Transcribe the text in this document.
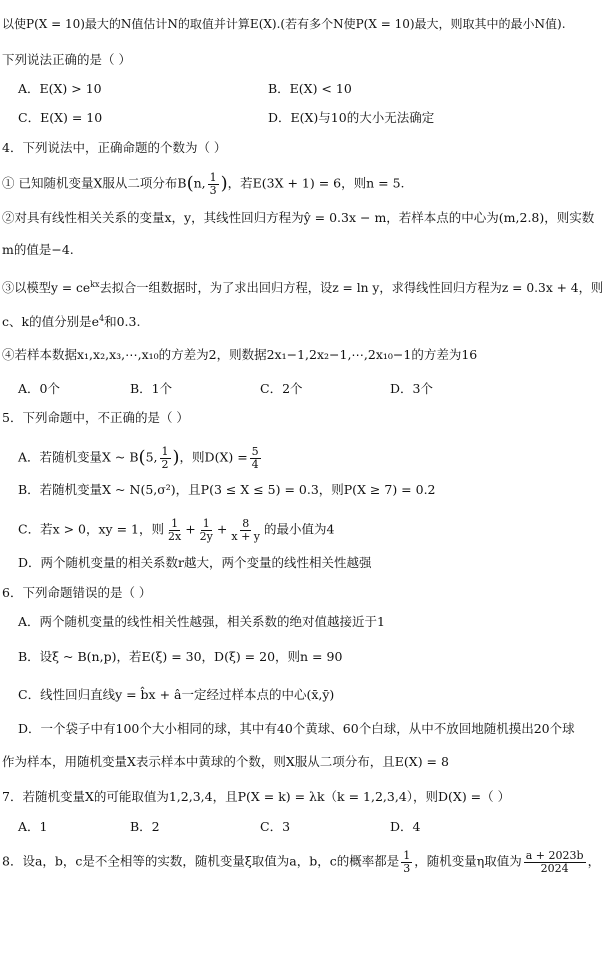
以使P(X = 10)最大的N值估计N的取值并计算E(X).(若有多个N使P(X = 10)最大，则取其中的最小N值).
下列说法正确的是（ ）
A．E(X) > 10	B．E(X) < 10
C．E(X) = 10	D．E(X)与10的大小无法确定
4．下列说法中，正确命题的个数为（ ）
① 已知随机变量X服从二项分布B(n, $\frac{1}{3}$ )，若E(3X + 1) = 6，则n = 5.
②对具有线性相关关系的变量x，y，其线性回归方程为ŷ = 0.3x − m，若样本点的中心为(m,2.8)，则实数
m的值是−4.
③以模型$y = ce^{kx}$去拟合一组数据时，为了求出回归方程，设z = ln y，求得线性回归方程为z = 0.3x + 4，则
c、k的值分别是$e^4$和0.3.
④若样本数据x₁,x₂,x₃,⋯,x₁₀的方差为2，则数据2x₁−1,2x₂−1,⋯,2x₁₀−1的方差为16
A．0个	B．1个	C．2个	D．3个
5．下列命题中，不正确的是（ ）
A．若随机变量X ~ B(5, $\frac{1}{2}$ )，则$D(X) = \frac{5}{4}$
B．若随机变量X ~ N(5,σ²)，且P(3 ≤ X ≤ 5) = 0.3，则P(X ≥ 7) = 0.2
C．若x > 0，xy = 1，则 $\frac{1}{2x} + \frac{1}{2y} + \frac{8}{x + y}$ 的最小值为4
D．两个随机变量的相关系数r越大，两个变量的线性相关性越强
6．下列命题错误的是（ ）
A．两个随机变量的线性相关性越强，相关系数的绝对值越接近于1
B．设ξ ~ B(n,p)，若E(ξ) = 30，D(ξ) = 20，则n = 90
C．线性回归直线y = b̂x + â一定经过样本点的中心(x̄,ȳ)
D．一个袋子中有100个大小相同的球，其中有40个黄球、60个白球，从中不放回地随机摸出20个球
作为样本，用随机变量X表示样本中黄球的个数，则X服从二项分布，且E(X) = 8
7．若随机变量X的可能取值为1,2,3,4，且P(X = k) = λk（k = 1,2,3,4），则D(X) =（ ）
A．1	B．2	C．3	D．4
8．设a，b，c是不全相等的实数，随机变量ξ取值为a，b，c的概率都是 $\frac{1}{3}$ ，随机变量η取值为 $\frac{a + 2023b}{2024}$ ，
